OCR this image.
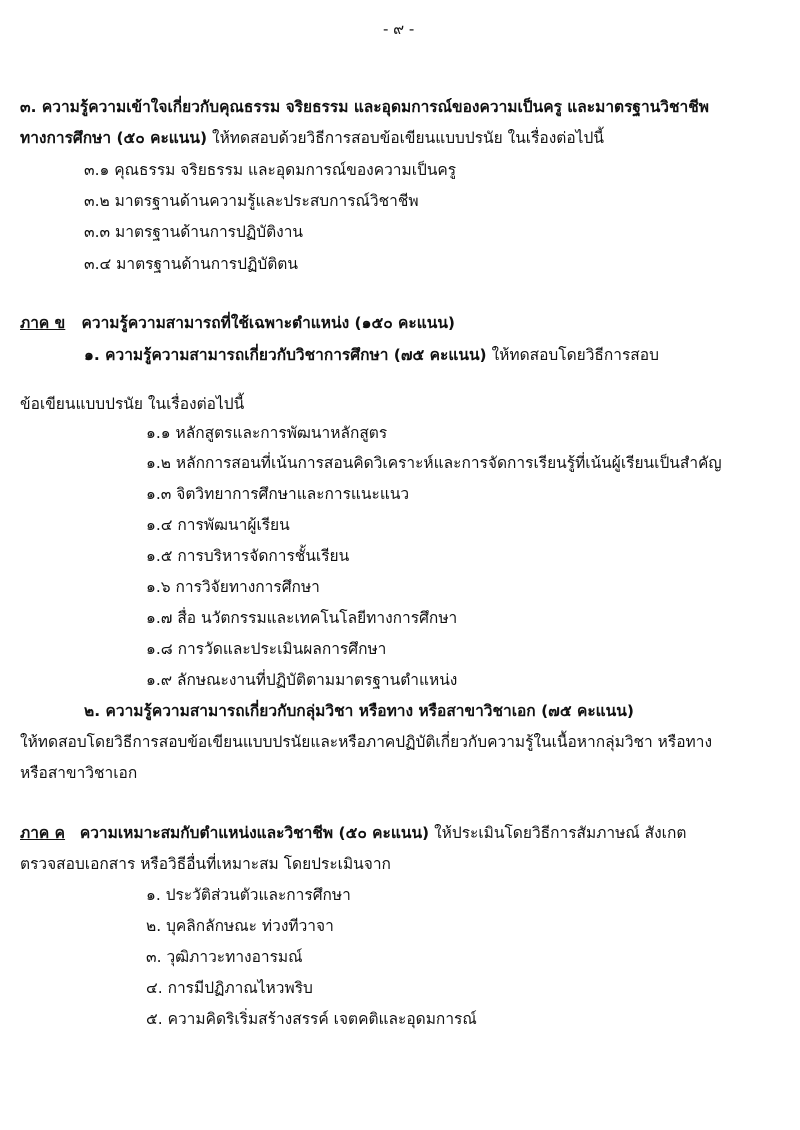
- ๙ -
๓. ความรู้ความเข้าใจเกี่ยวกับคุณธรรม จริยธรรม และอุดมการณ์ของความเป็นครู และมาตรฐานวิชาชีพ
ทางการศึกษา (๕๐ คะแนน) ให้ทดสอบด้วยวิธีการสอบข้อเขียนแบบปรนัย ในเรื่องต่อไปนี้
๓.๑ คุณธรรม จริยธรรม และอุดมการณ์ของความเป็นครู
๓.๒ มาตรฐานด้านความรู้และประสบการณ์วิชาชีพ
๓.๓ มาตรฐานด้านการปฏิบัติงาน
๓.๔ มาตรฐานด้านการปฏิบัติตน
ภาค ข ความรู้ความสามารถที่ใช้เฉพาะตำแหน่ง (๑๕๐ คะแนน)
๑. ความรู้ความสามารถเกี่ยวกับวิชาการศึกษา (๗๕ คะแนน) ให้ทดสอบโดยวิธีการสอบ
ข้อเขียนแบบปรนัย ในเรื่องต่อไปนี้
๑.๑ หลักสูตรและการพัฒนาหลักสูตร
๑.๒ หลักการสอนที่เน้นการสอนคิดวิเคราะห์และการจัดการเรียนรู้ที่เน้นผู้เรียนเป็นสำคัญ
๑.๓ จิตวิทยาการศึกษาและการแนะแนว
๑.๔ การพัฒนาผู้เรียน
๑.๕ การบริหารจัดการชั้นเรียน
๑.๖ การวิจัยทางการศึกษา
๑.๗ สื่อ นวัตกรรมและเทคโนโลยีทางการศึกษา
๑.๘ การวัดและประเมินผลการศึกษา
๑.๙ ลักษณะงานที่ปฏิบัติตามมาตรฐานตำแหน่ง
๒. ความรู้ความสามารถเกี่ยวกับกลุ่มวิชา หรือทาง หรือสาขาวิชาเอก (๗๕ คะแนน)
ให้ทดสอบโดยวิธีการสอบข้อเขียนแบบปรนัยและหรือภาคปฏิบัติเกี่ยวกับความรู้ในเนื้อหากลุ่มวิชา หรือทาง
หรือสาขาวิชาเอก
ภาค ค ความเหมาะสมกับตำแหน่งและวิชาชีพ (๕๐ คะแนน) ให้ประเมินโดยวิธีการสัมภาษณ์ สังเกต
ตรวจสอบเอกสาร หรือวิธีอื่นที่เหมาะสม โดยประเมินจาก
๑. ประวัติส่วนตัวและการศึกษา
๒. บุคลิกลักษณะ ท่วงทีวาจา
๓. วุฒิภาวะทางอารมณ์
๔. การมีปฏิภาณไหวพริบ
๕. ความคิดริเริ่มสร้างสรรค์ เจตคติและอุดมการณ์
